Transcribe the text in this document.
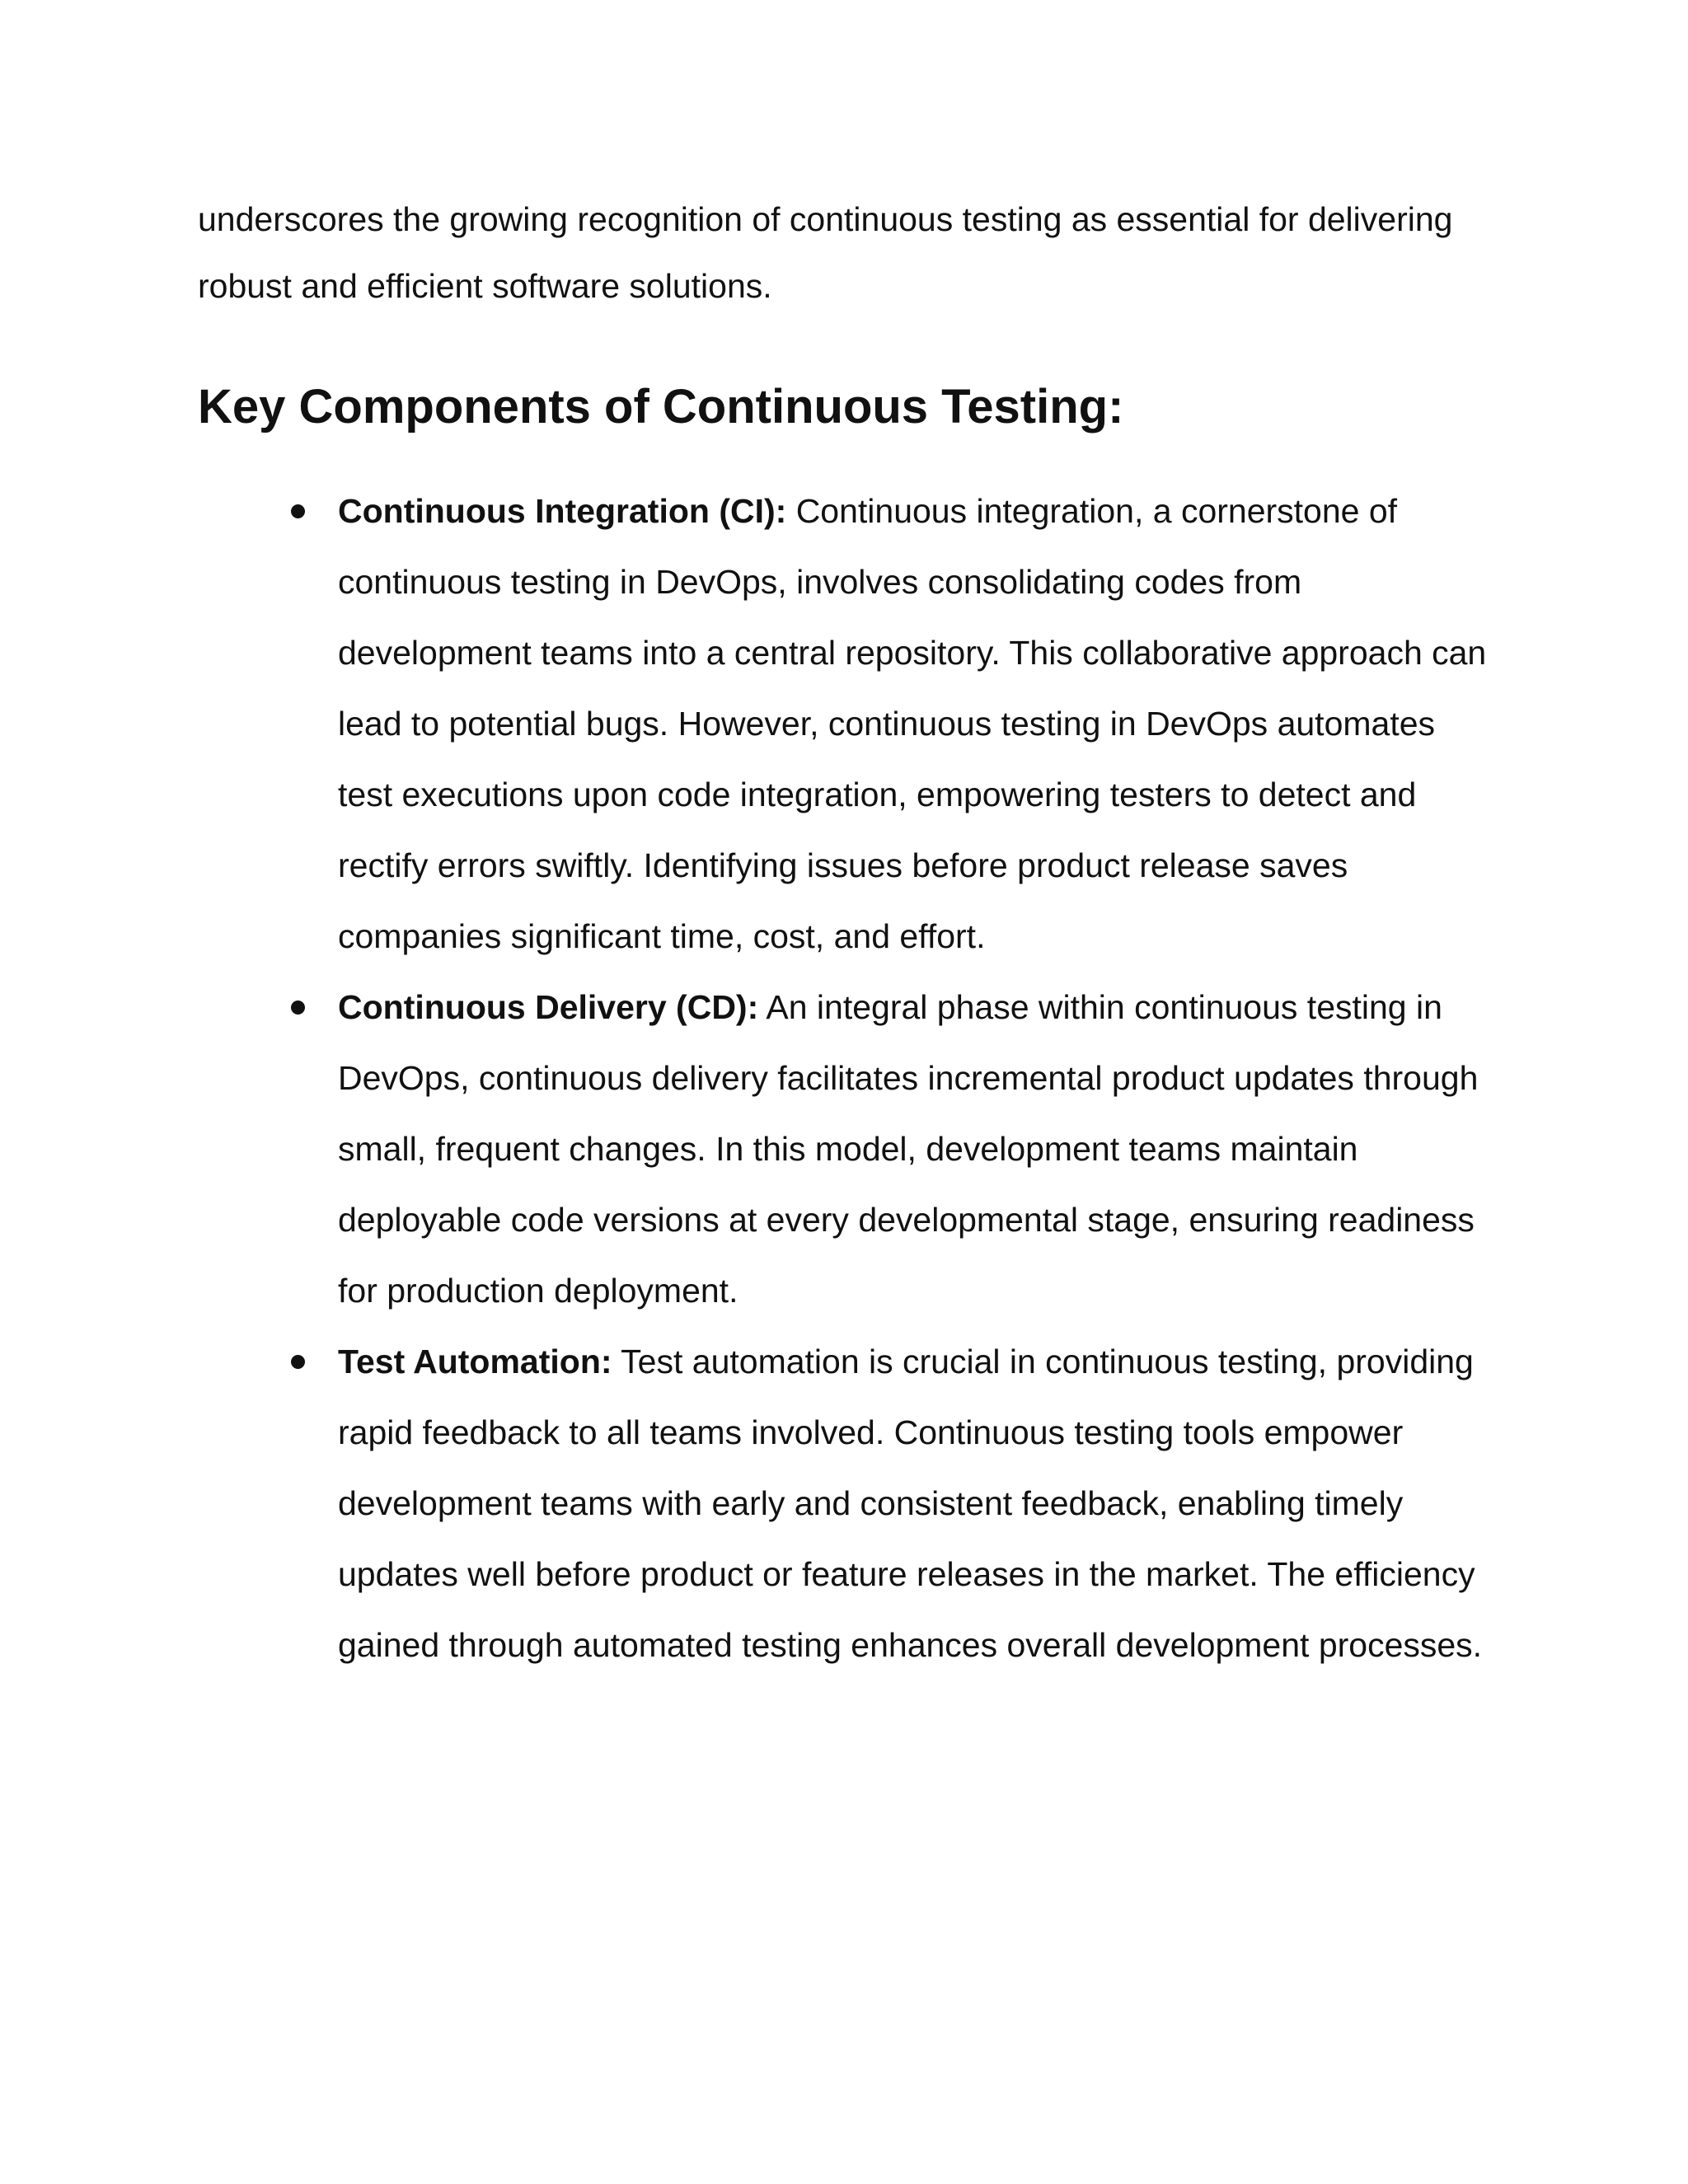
underscores the growing recognition of continuous testing as essential for delivering robust and efficient software solutions.

Key Components of Continuous Testing:

Continuous Integration (CI): Continuous integration, a cornerstone of continuous testing in DevOps, involves consolidating codes from development teams into a central repository. This collaborative approach can lead to potential bugs. However, continuous testing in DevOps automates test executions upon code integration, empowering testers to detect and rectify errors swiftly. Identifying issues before product release saves companies significant time, cost, and effort.

Continuous Delivery (CD): An integral phase within continuous testing in DevOps, continuous delivery facilitates incremental product updates through small, frequent changes. In this model, development teams maintain deployable code versions at every developmental stage, ensuring readiness for production deployment.

Test Automation: Test automation is crucial in continuous testing, providing rapid feedback to all teams involved. Continuous testing tools empower development teams with early and consistent feedback, enabling timely updates well before product or feature releases in the market. The efficiency gained through automated testing enhances overall development processes.
